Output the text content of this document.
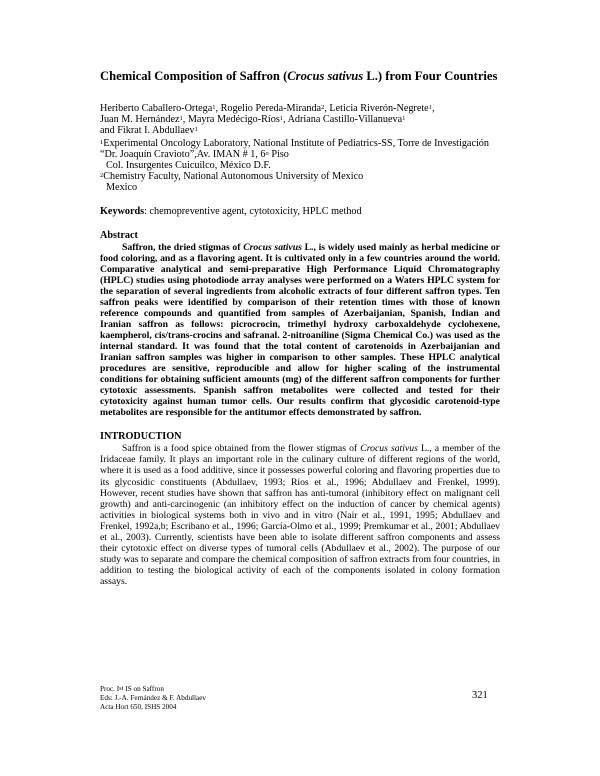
Chemical Composition of Saffron (Crocus sativus L.) from Four Countries

Heriberto Caballero-Ortega$^1$, Rogelio Pereda-Miranda$^2$, Leticia Riverón-Negrete$^1$,

Juan M. Hernández$^1$, Mayra Medécigo-Ríos$^1$, Adriana Castillo-Villanueva$^1$

and Fikrat I. Abdullaev$^1$

$^1$Experimental Oncology Laboratory, National Institute of Pediatrics-SS, Torre de Investigación “Dr. Joaquín Cravioto”,Av. IMAN # 1, 6$^o$ Piso

Col. Insurgentes Cuicuilco, México D.F.

$^2$Chemistry Faculty, National Autonomous University of Mexico

Mexico

Keywords: chemopreventive agent, cytotoxicity, HPLC method
Abstract

Saffron, the dried stigmas of Crocus sativus L., is widely used mainly as herbal medicine or food coloring, and as a flavoring agent. It is cultivated only in a few countries around the world. Comparative analytical and semi-preparative High Performance Liquid Chromatography (HPLC) studies using photodiode array analyses were performed on a Waters HPLC system for the separation of several ingredients from alcoholic extracts of four different saffron types. Ten saffron peaks were identified by comparison of their retention times with those of known reference compounds and quantified from samples of Azerbaijanian, Spanish, Indian and Iranian saffron as follows: picrocrocin, trimethyl hydroxy carboxaldehyde cyclohexene, kaempherol, cis/trans-crocins and safranal. 2-nitroaniline (Sigma Chemical Co.) was used as the internal standard. It was found that the total content of carotenoids in Azerbaijanian and Iranian saffron samples was higher in comparison to other samples. These HPLC analytical procedures are sensitive, reproducible and allow for higher scaling of the instrumental conditions for obtaining sufficient amounts (mg) of the different saffron components for further cytotoxic assessments. Spanish saffron metabolites were collected and tested for their cytotoxicity against human tumor cells. Our results confirm that glycosidic carotenoid-type metabolites are responsible for the antitumor effects demonstrated by saffron.

INTRODUCTION

Saffron is a food spice obtained from the flower stigmas of Crocus sativus L., a member of the Iridaceae family. It plays an important role in the culinary culture of different regions of the world, where it is used as a food additive, since it possesses powerful coloring and flavoring properties due to its glycosidic constituents (Abdullaev, 1993; Ríos et al., 1996; Abdullaev and Frenkel, 1999). However, recent studies have shown that saffron has anti-tumoral (inhibitory effect on malignant cell growth) and anti-carcinogenic (an inhibitory effect on the induction of cancer by chemical agents) activities in biological systems both in vivo and in vitro (Nair et al., 1991, 1995; Abdullaev and Frenkel, 1992a,b; Escribano et al., 1996; García-Olmo et al., 1999; Premkumar et al., 2001; Abdullaev et al., 2003). Currently, scientists have been able to isolate different saffron components and assess their cytotoxic effect on diverse types of tumoral cells (Abdullaev et al., 2002). The purpose of our study was to separate and compare the chemical composition of saffron extracts from four countries, in addition to testing the biological activity of each of the components isolated in colony formation assays.

Proc. Ist IS on Saffron

Eds: J.-A. Fernández & F. Abdullaev

Acta Hort 650, ISHS 2004

321
